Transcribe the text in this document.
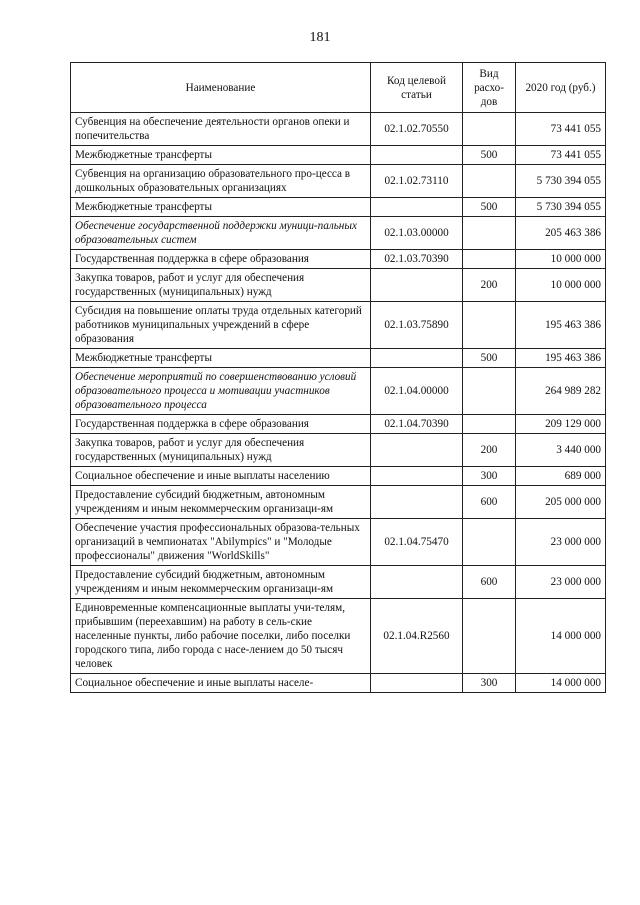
181
Наименование	Код целевой статьи	Вид расхо-дов	2020 год (руб.)
Субвенция на обеспечение деятельности органов опеки и попечительства	02.1.02.70550		73 441 055
Межбюджетные трансферты		500	73 441 055
Субвенция на организацию образовательного про-цесса в дошкольных образовательных организациях	02.1.02.73110		5 730 394 055
Межбюджетные трансферты		500	5 730 394 055
Обеспечение государственной поддержки муници-пальных образовательных систем	02.1.03.00000		205 463 386
Государственная поддержка в сфере образования	02.1.03.70390		10 000 000
Закупка товаров, работ и услуг для обеспечения государственных (муниципальных) нужд		200	10 000 000
Субсидия на повышение оплаты труда отдельных категорий работников муниципальных учреждений в сфере образования	02.1.03.75890		195 463 386
Межбюджетные трансферты		500	195 463 386
Обеспечение мероприятий по совершенствованию условий образовательного процесса и мотивации участников образовательного процесса	02.1.04.00000		264 989 282
Государственная поддержка в сфере образования	02.1.04.70390		209 129 000
Закупка товаров, работ и услуг для обеспечения государственных (муниципальных) нужд		200	3 440 000
Социальное обеспечение и иные выплаты населению		300	689 000
Предоставление субсидий бюджетным, автономным учреждениям и иным некоммерческим организаци-ям		600	205 000 000
Обеспечение участия профессиональных образова-тельных организаций в чемпионатах "Abilympics" и "Молодые профессионалы" движения "WorldSkills"	02.1.04.75470		23 000 000
Предоставление субсидий бюджетным, автономным учреждениям и иным некоммерческим организаци-ям		600	23 000 000
Единовременные компенсационные выплаты учи-телям, прибывшим (переехавшим) на работу в сель-ские населенные пункты, либо рабочие поселки, либо поселки городского типа, либо города с насе-лением до 50 тысяч человек	02.1.04.R2560		14 000 000
Социальное обеспечение и иные выплаты населе-		300	14 000 000
